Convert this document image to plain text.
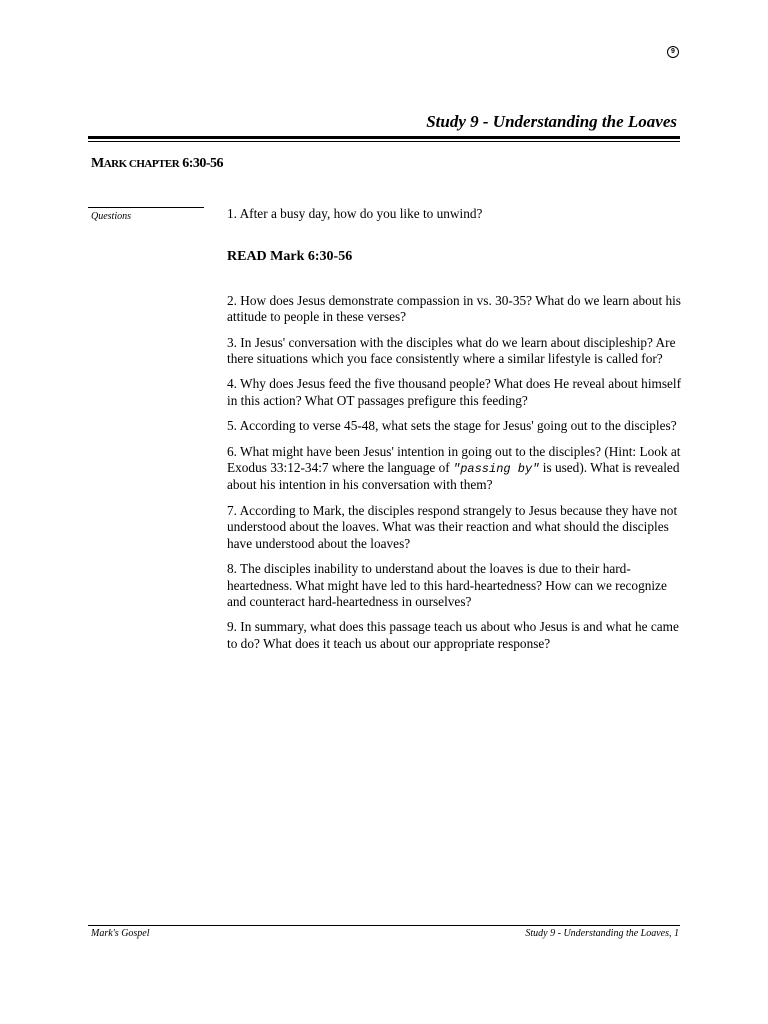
9
Study 9 - Understanding the Loaves
MARK CHAPTER 6:30-56
Questions	1. After a busy day, how do you like to unwind?

READ Mark 6:30-56

2. How does Jesus demonstrate compassion in vs. 30-35? What do we learn about his attitude to people in these verses?

3. In Jesus' conversation with the disciples what do we learn about discipleship? Are there situations which you face consistently where a similar lifestyle is called for?

4. Why does Jesus feed the five thousand people? What does He reveal about himself in this action? What OT passages prefigure this feeding?

5. According to verse 45-48, what sets the stage for Jesus' going out to the disciples?

6. What might have been Jesus' intention in going out to the disciples? (Hint: Look at Exodus 33:12-34:7 where the language of "passing by" is used). What is revealed about his intention in his conversation with them?

7. According to Mark, the disciples respond strangely to Jesus because they have not understood about the loaves. What was their reaction and what should the disciples have understood about the loaves?

8. The disciples inability to understand about the loaves is due to their hard-heartedness. What might have led to this hard-heartedness? How can we recognize and counteract hard-heartedness in ourselves?

9. In summary, what does this passage teach us about who Jesus is and what he came to do? What does it teach us about our appropriate response?

Mark's Gospel	Study 9 - Understanding the Loaves, 1
